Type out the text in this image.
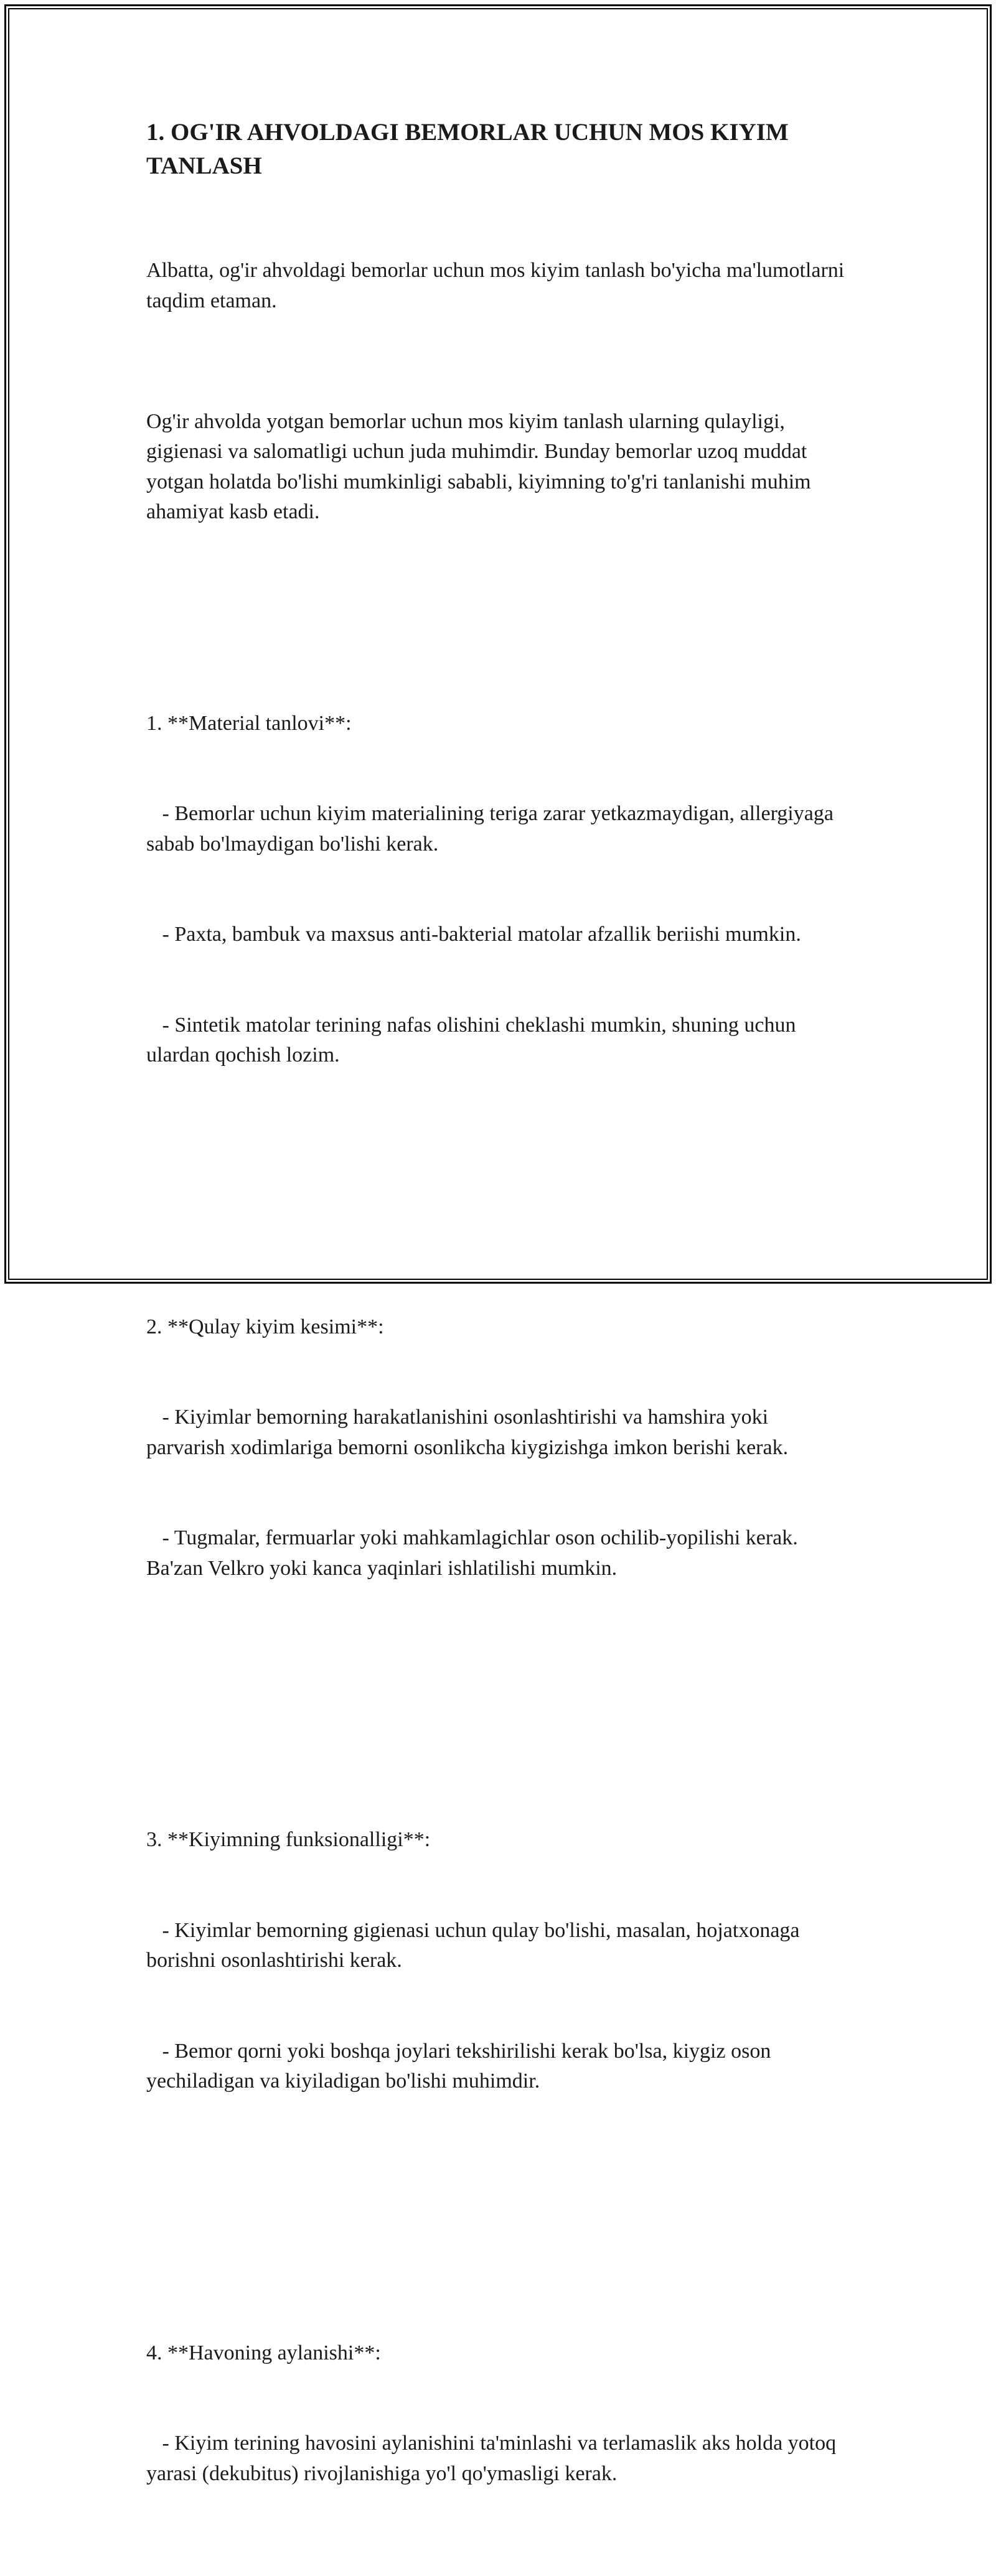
1. OG'IR AHVOLDAGI BEMORLAR UCHUN MOS KIYIM TANLASH

Albatta, og'ir ahvoldagi bemorlar uchun mos kiyim tanlash bo'yicha ma'lumotlarni taqdim etaman.

Og'ir ahvolda yotgan bemorlar uchun mos kiyim tanlash ularning qulayligi, gigienasi va salomatligi uchun juda muhimdir. Bunday bemorlar uzoq muddat yotgan holatda bo'lishi mumkinligi sababli, kiyimning to'g'ri tanlanishi muhim ahamiyat kasb etadi.

1. **Material tanlovi**:

- Bemorlar uchun kiyim materialining teriga zarar yetkazmaydigan, allergiyaga sabab bo'lmaydigan bo'lishi kerak.

- Paxta, bambuk va maxsus anti-bakterial matolar afzallik beriishi mumkin.

- Sintetik matolar terining nafas olishini cheklashi mumkin, shuning uchun ulardan qochish lozim.

2. **Qulay kiyim kesimi**:

- Kiyimlar bemorning harakatlanishini osonlashtirishi va hamshira yoki parvarish xodimlariga bemorni osonlikcha kiygizishga imkon berishi kerak.

- Tugmalar, fermuarlar yoki mahkamlagichlar oson ochilib-yopilishi kerak. Ba'zan Velkro yoki kanca yaqinlari ishlatilishi mumkin.

3. **Kiyimning funksionalligi**:

- Kiyimlar bemorning gigienasi uchun qulay bo'lishi, masalan, hojatxonaga borishni osonlashtirishi kerak.

- Bemor qorni yoki boshqa joylari tekshirilishi kerak bo'lsa, kiygiz oson yechiladigan va kiyiladigan bo'lishi muhimdir.

4. **Havoning aylanishi**:

- Kiyim terining havosini aylanishini ta'minlashi va terlamaslik aks holda yotoq yarasi (dekubitus) rivojlanishiga yo'l qo'ymasligi kerak.
